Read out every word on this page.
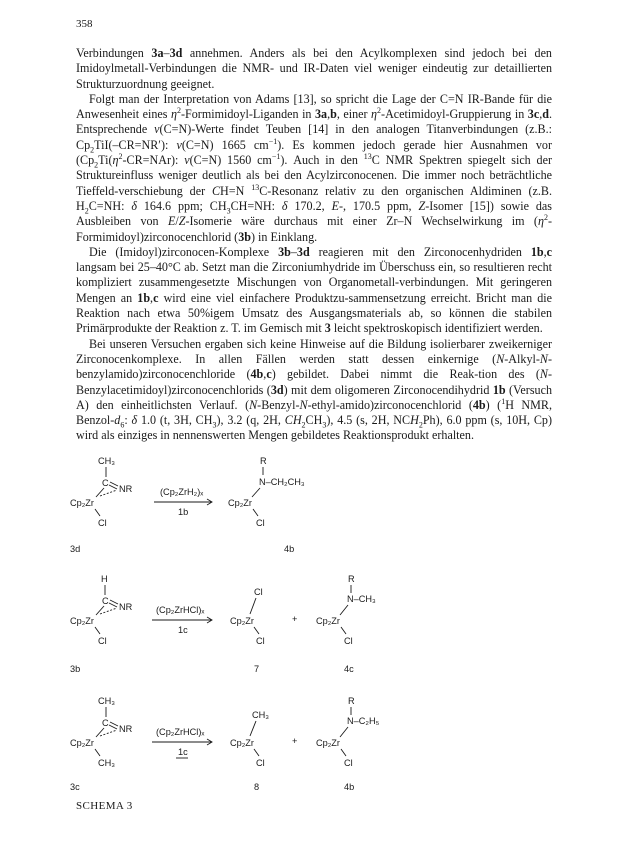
358

Verbindungen 3a–3d annehmen. Anders als bei den Acylkomplexen sind jedoch bei den Imidoylmetall-Verbindungen die NMR- und IR-Daten viel weniger eindeutig zur detaillierten Strukturzuordnung geeignet.

Folgt man der Interpretation von Adams [13], so spricht die Lage der C=N IR-Bande für die Anwesenheit eines $\eta^2-Formimidoyl$-Liganden in 3a,b, einer $\eta^2-Acetimidoyl$-Gruppierung in 3c,d. Entsprechende ν(C=N)-Werte findet Teuben [14] in den analogen Titanverbindungen (z.B.: $Cp_2TiI(-CR=NR')$: ν(C=N) 1665 $cm^{-1}$). Es kommen jedoch gerade hier Ausnahmen vor ($Cp_2Ti(\eta^2-CR=NAr)$: ν(C=N) 1560 $cm^{-1}$). Auch in den $^{13}$C NMR Spektren spiegelt sich der Struktureinfluss weniger deutlich als bei den Acylzirconocenen. Die immer noch beträchtliche Tieffeld-verschiebung der CH=N $^{13}$C-Resonanz relativ zu den organischen Aldiminen (z.B. $H_2C=NH$: δ 164.6 ppm; $CH_3CH=NH$: δ 170.2, E-, 170.5 ppm, Z-Isomer [15]) sowie das Ausbleiben von E/Z-Isomerie wäre durchaus mit einer Zr–N Wechselwirkung im $(\eta^2-Formimidoyl)zirconocenchlorid$ (3b) in Einklang.

Die (Imidoyl)zirconocen-Komplexe 3b–3d reagieren mit den Zirconocenhydriden 1b,c langsam bei 25–40°C ab. Setzt man die Zirconiumhydride im Überschuss ein, so resultieren recht kompliziert zusammengesetzte Mischungen von Organometall-verbindungen. Mit geringeren Mengen an 1b,c wird eine viel einfachere Produktzu-sammensetzung erreicht. Bricht man die Reaktion nach etwa 50%igem Umsatz des Ausgangsmaterials ab, so können die stabilen Primärprodukte der Reaktion z. T. im Gemisch mit 3 leicht spektroskopisch identifiziert werden.

Bei unseren Versuchen ergaben sich keine Hinweise auf die Bildung isolierbarer zweikerniger Zirconocenkomplexe. In allen Fällen werden statt dessen einkernige (N-Alkyl-N-benzylamido)zirconocenchloride (4b,c) gebildet. Dabei nimmt die Reak-tion des (N-Benzylacetimidoyl)zirconocenchlorids (3d) mit dem oligomeren Zirconocendihydrid 1b (Versuch A) den einheitlichsten Verlauf. (N-Benzyl-N-ethyl-amido)zirconocenchlorid (4b) ($^1$H NMR, Benzol-$d_6$: δ 1.0 (t, 3H, $CH_3$), 3.2 (q, 2H, $CH_2CH_3$), 4.5 (s, 2H, $NCH_2Ph$), 6.0 ppm (s, 10H, Cp) wird als einziges in nennenswerten Mengen gebildetes Reaktionsprodukt erhalten.

CH₃
C
NR
Cp₂Zr
Cl
3d
(Cp₂ZrH₂)ₓ
1b
R
N–CH₂CH₃
Cp₂Zr
Cl
4b
H
C
NR
Cp₂Zr
Cl
3b
(Cp₂ZrHCl)ₓ
1c
Cl
Cp₂Zr
Cl
7
+
R
N–CH₃
Cp₂Zr
Cl
4c
CH₃
C
NR
Cp₂Zr
CH₃
3c
(Cp₂ZrHCl)ₓ
1c
CH₃
Cp₂Zr
Cl
8
+
R
N–C₂H₅
Cp₂Zr
Cl
4b
SCHEMA 3
